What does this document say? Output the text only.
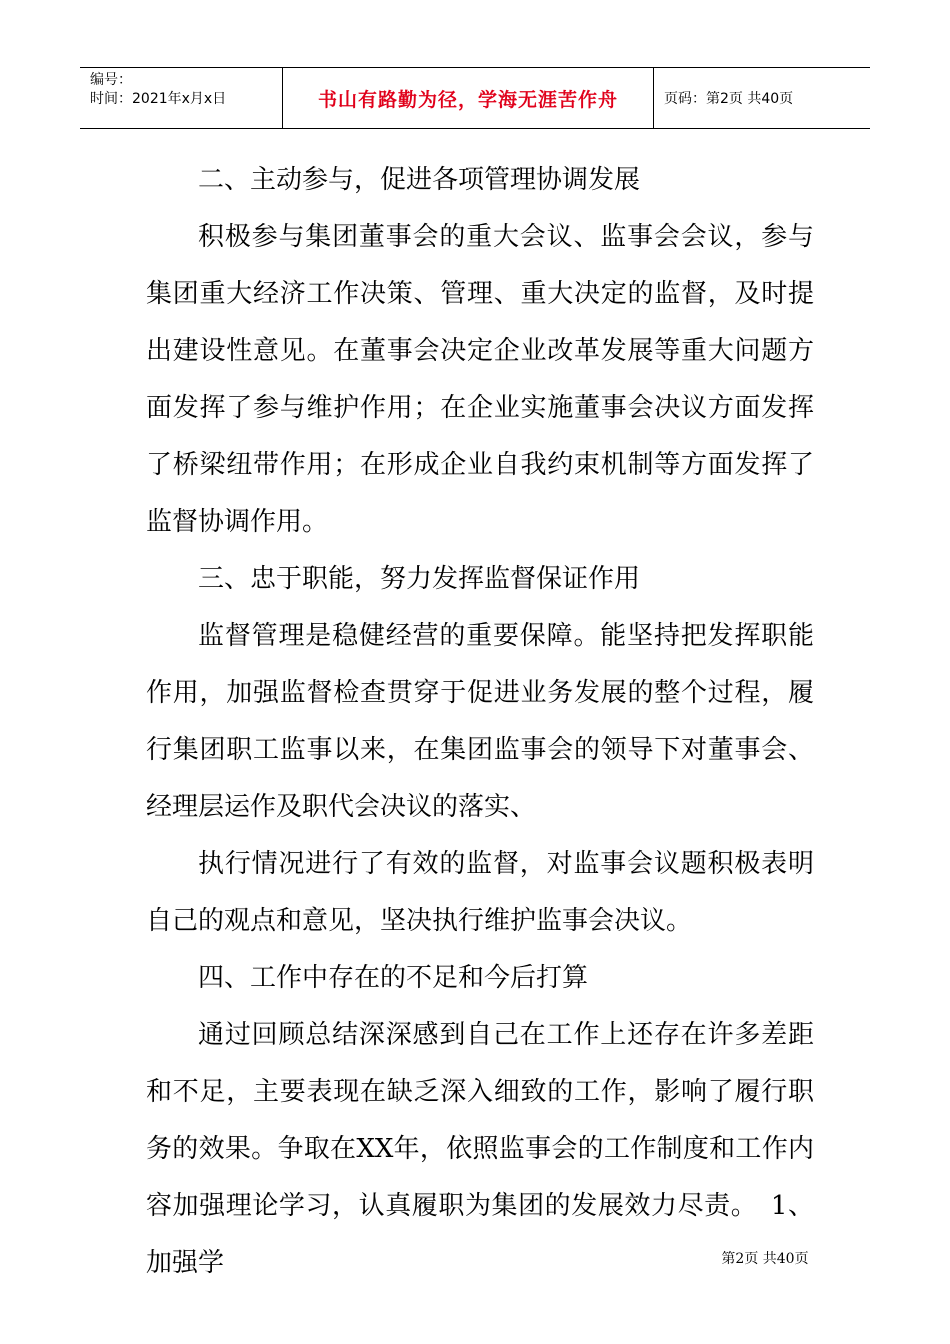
编号：
时间：2021年x月x日	书山有路勤为径，学海无涯苦作舟	页码：第2页 共40页

二、主动参与，促进各项管理协调发展

积极参与集团董事会的重大会议、监事会会议，参与集团重大经济工作决策、管理、重大决定的监督，及时提出建设性意见。在董事会决定企业改革发展等重大问题方面发挥了参与维护作用；在企业实施董事会决议方面发挥了桥梁纽带作用；在形成企业自我约束机制等方面发挥了监督协调作用。

三、忠于职能，努力发挥监督保证作用

监督管理是稳健经营的重要保障。能坚持把发挥职能作用，加强监督检查贯穿于促进业务发展的整个过程，履行集团职工监事以来，在集团监事会的领导下对董事会、经理层运作及职代会决议的落实、

执行情况进行了有效的监督，对监事会议题积极表明自己的观点和意见，坚决执行维护监事会决议。

四、工作中存在的不足和今后打算

通过回顾总结深深感到自己在工作上还存在许多差距和不足，主要表现在缺乏深入细致的工作，影响了履行职务的效果。争取在XX年，依照监事会的工作制度和工作内容加强理论学习，认真履职为集团的发展效力尽责。　1、加强学	第2页 共40页
